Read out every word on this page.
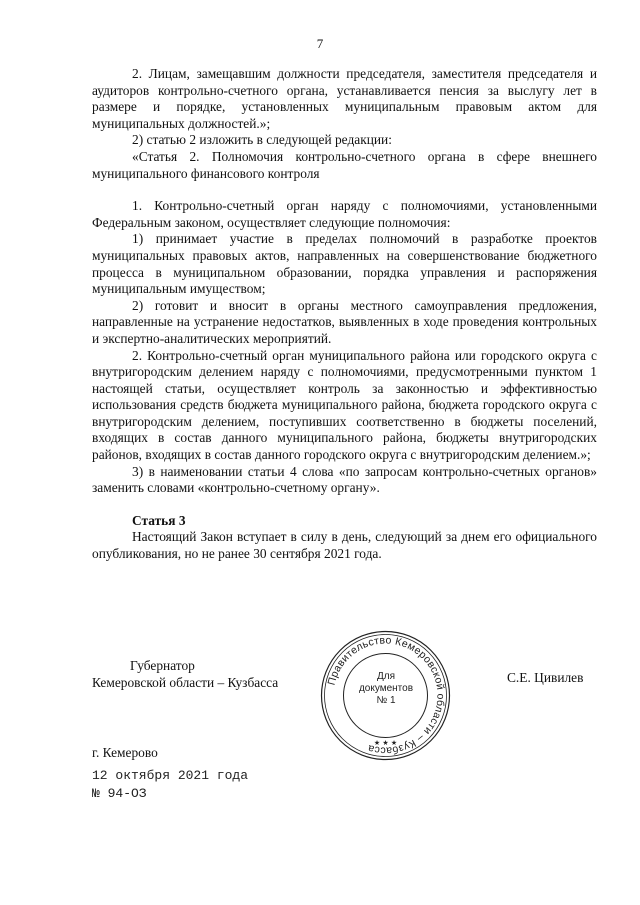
7

2. Лицам, замещавшим должности председателя, заместителя председателя и аудиторов контрольно-счетного органа, устанавливается пенсия за выслугу лет в размере и порядке, установленных муниципальным правовым актом для муниципальных должностей.»;

2) статью 2 изложить в следующей редакции:

«Статья 2. Полномочия контрольно-счетного органа в сфере внешнего муниципального финансового контроля

1. Контрольно-счетный орган наряду с полномочиями, установленными Федеральным законом, осуществляет следующие полномочия:

1) принимает участие в пределах полномочий в разработке проектов муниципальных правовых актов, направленных на совершенствование бюджетного процесса в муниципальном образовании, порядка управления и распоряжения муниципальным имуществом;

2) готовит и вносит в органы местного самоуправления предложения, направленные на устранение недостатков, выявленных в ходе проведения контрольных и экспертно-аналитических мероприятий.

2. Контрольно-счетный орган муниципального района или городского округа с внутригородским делением наряду с полномочиями, предусмотренными пунктом 1 настоящей статьи, осуществляет контроль за законностью и эффективностью использования средств бюджета муниципального района, бюджета городского округа с внутригородским делением, поступивших соответственно в бюджеты поселений, входящих в состав данного муниципального района, бюджеты внутригородских районов, входящих в состав данного городского округа с внутригородским делением.»;

3) в наименовании статьи 4 слова «по запросам контрольно-счетных органов» заменить словами «контрольно-счетному органу».

Статья 3

Настоящий Закон вступает в силу в день, следующий за днем его официального опубликования, но не ранее 30 сентября 2021 года.

Губернатор
Кемеровской области – Кузбасса	С.Е. Цивилев
Правительство Кемеровской области – Кузбасса
★ ★ ★
Для
документов
№ 1
г. Кемерово
12 октября 2021 года
№ 94-ОЗ
